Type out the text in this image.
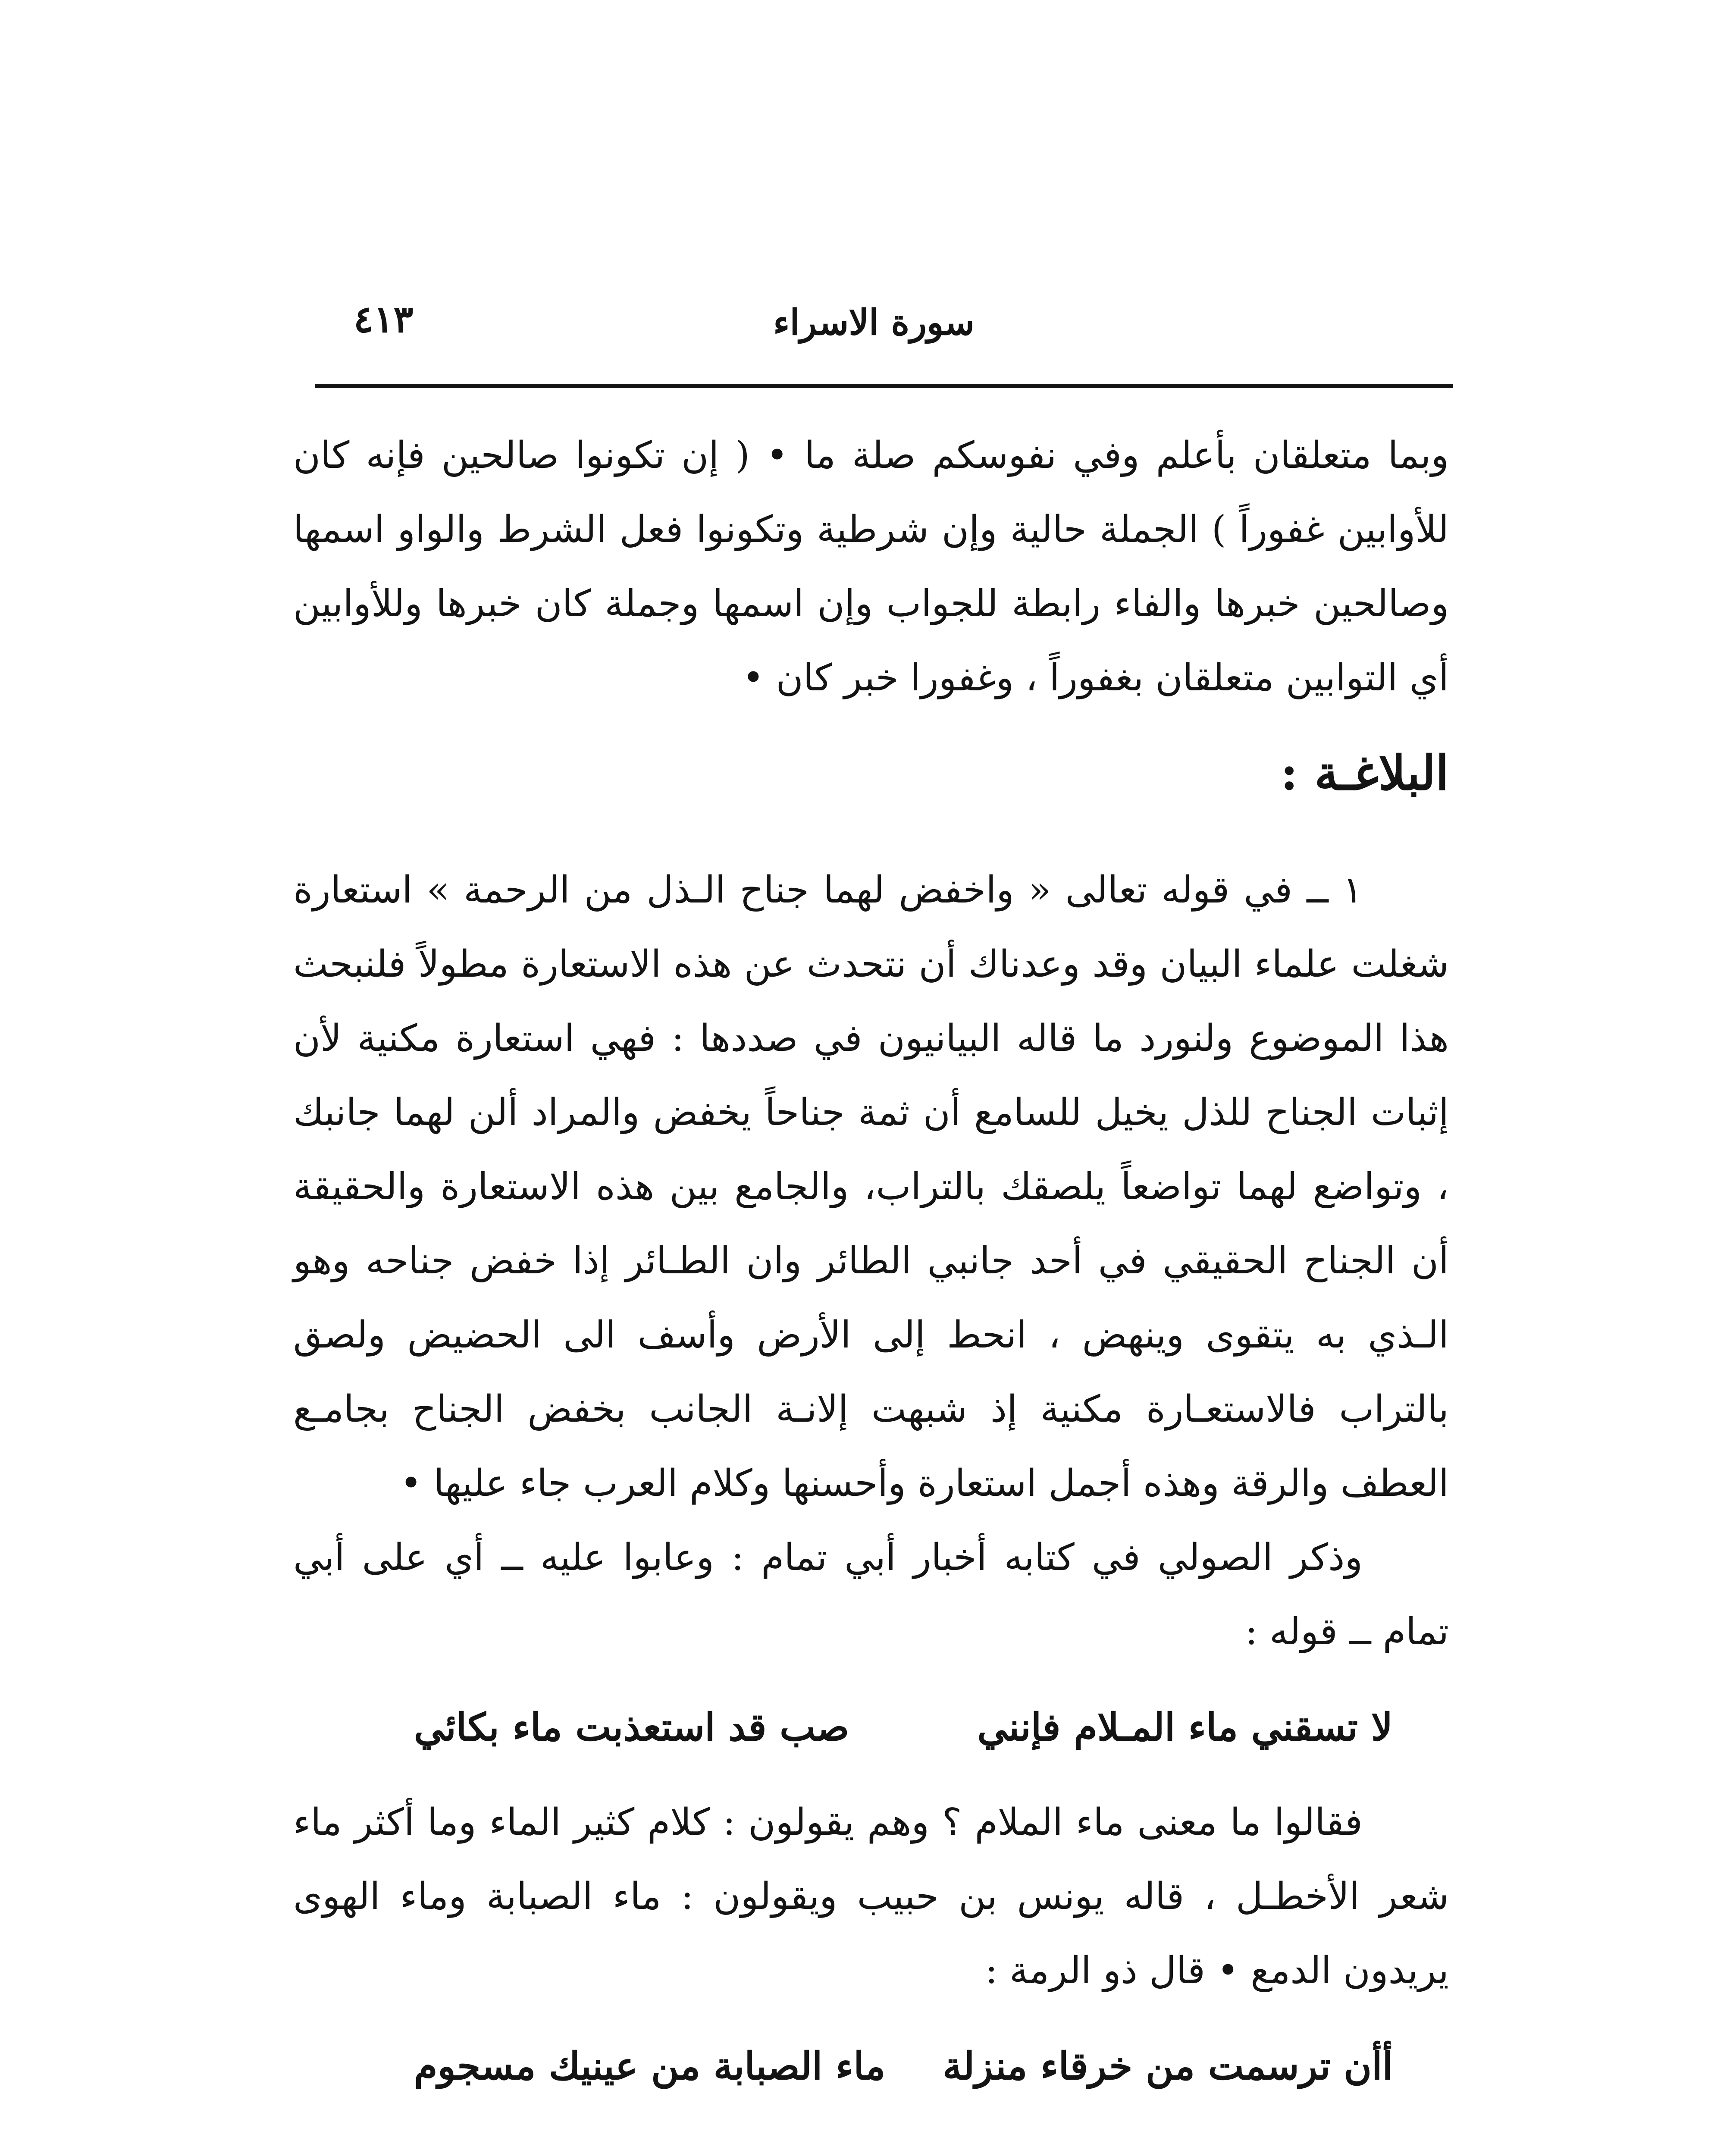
سورة الاسراء
٤١٣

وبما متعلقان بأعلم وفي نفوسكم صلة ما • ( إن تكونوا صالحين فإنه كان للأوابين غفوراً ) الجملة حالية وإن شرطية وتكونوا فعل الشرط والواو اسمها وصالحين خبرها والفاء رابطة للجواب وإن اسمها وجملة كان خبرها وللأوابين أي التوابين متعلقان بغفوراً ، وغفورا خبر كان •

البلاغـة :

١ ــ في قوله تعالى « واخفض لهما جناح الـذل من الرحمة » استعارة شغلت علماء البيان وقد وعدناك أن نتحدث عن هذه الاستعارة مطولاً فلنبحث هذا الموضوع ولنورد ما قاله البيانيون في صددها : فهي استعارة مكنية لأن إثبات الجناح للذل يخيل للسامع أن ثمة جناحاً يخفض والمراد ألن لهما جانبك ، وتواضع لهما تواضعاً يلصقك بالتراب، والجامع بين هذه الاستعارة والحقيقة أن الجناح الحقيقي في أحد جانبي الطائر وان الطـائر إذا خفض جناحه وهو الـذي به يتقوى وينهض ، انحط إلى الأرض وأسف الى الحضيض ولصق بالتراب فالاستعـارة مكنية إذ شبهت إلانـة الجانب بخفض الجناح بجامـع العطف والرقة وهذه أجمل استعارة وأحسنها وكلام العرب جاء عليها •

وذكر الصولي في كتابه أخبار أبي تمام : وعابوا عليه ــ أي على أبي تمام ــ قوله :

لا تسقني ماء المـلام فإنني
صب قد استعذبت ماء بكائي

فقالوا ما معنى ماء الملام ؟ وهم يقولون : كلام كثير الماء وما أكثر ماء شعر الأخطـل ، قاله يونس بن حبيب ويقولون : ماء الصبابة وماء الهوى يريدون الدمع • قال ذو الرمة :

أأن ترسمت من خرقاء منزلة
ماء الصبابة من عينيك مسجوم
